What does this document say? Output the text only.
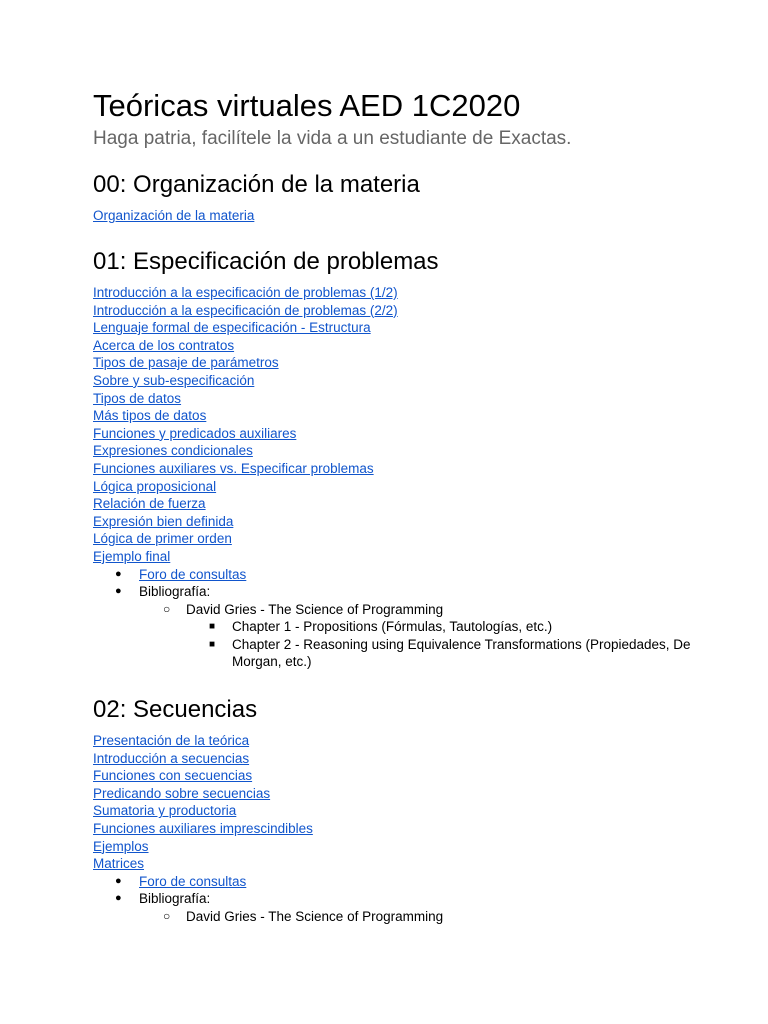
Teóricas virtuales AED 1C2020

Haga patria, facilítele la vida a un estudiante de Exactas.

00: Organización de la materia
Organización de la materia
01: Especificación de problemas
Introducción a la especificación de problemas (1/2)
Introducción a la especificación de problemas (2/2)
Lenguaje formal de especificación - Estructura
Acerca de los contratos
Tipos de pasaje de parámetros
Sobre y sub-especificación
Tipos de datos
Más tipos de datos
Funciones y predicados auxiliares
Expresiones condicionales
Funciones auxiliares vs. Especificar problemas
Lógica proposicional
Relación de fuerza
Expresión bien definida
Lógica de primer orden
Ejemplo final
● Foro de consultas
● Bibliografía:
○ David Gries - The Science of Programming
■ Chapter 1 - Propositions (Fórmulas, Tautologías, etc.)
■ Chapter 2 - Reasoning using Equivalence Transformations (Propiedades, De Morgan, etc.)
02: Secuencias
Presentación de la teórica
Introducción a secuencias
Funciones con secuencias
Predicando sobre secuencias
Sumatoria y productoria
Funciones auxiliares imprescindibles
Ejemplos
Matrices
● Foro de consultas
● Bibliografía:
○ David Gries - The Science of Programming
